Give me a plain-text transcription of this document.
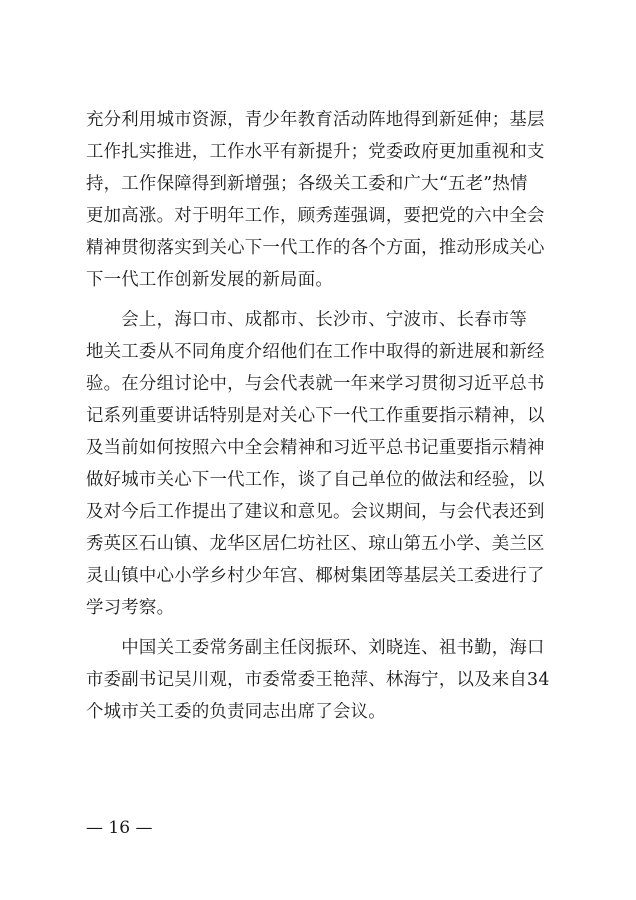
充分利用城市资源，青少年教育活动阵地得到新延伸；基层
工作扎实推进，工作水平有新提升；党委政府更加重视和支
持，工作保障得到新增强；各级关工委和广大“五老”热情
更加高涨。对于明年工作，顾秀莲强调，要把党的六中全会
精神贯彻落实到关心下一代工作的各个方面，推动形成关心
下一代工作创新发展的新局面。
　　会上，海口市、成都市、长沙市、宁波市、长春市等
地关工委从不同角度介绍他们在工作中取得的新进展和新经
验。在分组讨论中，与会代表就一年来学习贯彻习近平总书
记系列重要讲话特别是对关心下一代工作重要指示精神，以
及当前如何按照六中全会精神和习近平总书记重要指示精神
做好城市关心下一代工作，谈了自己单位的做法和经验，以
及对今后工作提出了建议和意见。会议期间，与会代表还到
秀英区石山镇、龙华区居仁坊社区、琼山第五小学、美兰区
灵山镇中心小学乡村少年宫、椰树集团等基层关工委进行了
学习考察。
　　中国关工委常务副主任闵振环、刘晓连、祖书勤，海口
市委副书记吴川观，市委常委王艳萍、林海宁，以及来自34
个城市关工委的负责同志出席了会议。
— 16 —
